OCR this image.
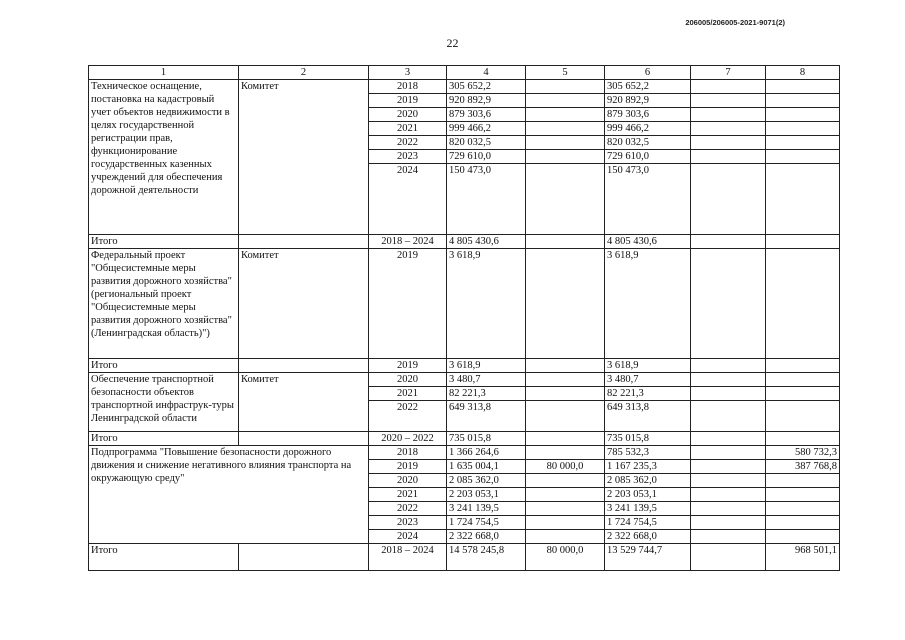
206005/206005-2021-9071(2)
22
1	2	3	4	5	6	7	8
Техническое оснащение, постановка на кадастровый учет объектов недвижимости в целях государственной регистрации прав, функционирование государственных казенных учреждений для обеспечения дорожной деятельности	Комитет	2018	305 652,2		305 652,2		
		2019	920 892,9		920 892,9		
		2020	879 303,6		879 303,6		
		2021	999 466,2		999 466,2		
		2022	820 032,5		820 032,5		
		2023	729 610,0		729 610,0		
		2024	150 473,0		150 473,0		
Итого		2018 – 2024	4 805 430,6		4 805 430,6		
Федеральный проект "Общесистемные меры развития дорожного хозяйства" (региональный проект "Общесистемные меры развития дорожного хозяйства" (Ленинградская область)")	Комитет	2019	3 618,9		3 618,9		
Итого		2019	3 618,9		3 618,9		
Обеспечение транспортной безопасности объектов транспортной инфраструк-туры Ленинградской области	Комитет	2020	3 480,7		3 480,7		
		2021	82 221,3		82 221,3		
		2022	649 313,8		649 313,8		
Итого		2020 – 2022	735 015,8		735 015,8		
Подпрограмма "Повышение безопасности дорожного движения и снижение негативного влияния транспорта на окружающую среду"		2018	1 366 264,6		785 532,3		580 732,3
		2019	1 635 004,1	80 000,0	1 167 235,3		387 768,8
		2020	2 085 362,0		2 085 362,0		
		2021	2 203 053,1		2 203 053,1		
		2022	3 241 139,5		3 241 139,5		
		2023	1 724 754,5		1 724 754,5		
		2024	2 322 668,0		2 322 668,0		
Итого		2018 – 2024	14 578 245,8	80 000,0	13 529 744,7		968 501,1
